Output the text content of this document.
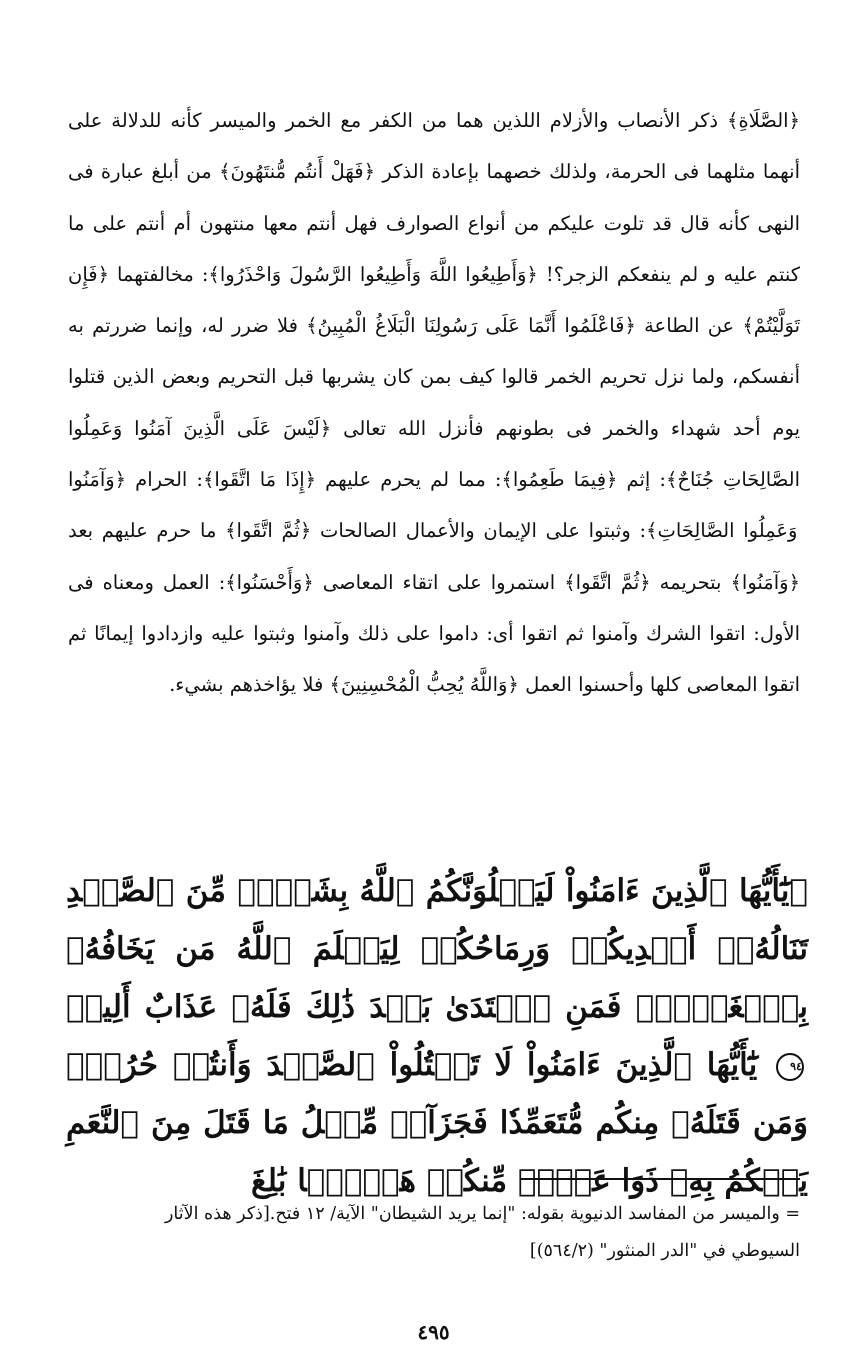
﴿الصَّلَاةِ﴾ ذكر الأنصاب والأزلام اللذين هما من الكفر مع الخمر والميسر كأنه للدلالة على أنهما مثلهما فى الحرمة، ولذلك خصهما بإعادة الذكر ﴿فَهَلْ أَنتُم مُّنتَهُونَ﴾ من أبلغ عبارة فى النهى كأنه قال قد تلوت عليكم من أنواع الصوارف فهل أنتم معها منتهون أم أنتم على ما كنتم عليه و لم ينفعكم الزجر؟! ﴿وَأَطِيعُوا اللَّهَ وَأَطِيعُوا الرَّسُولَ وَاحْذَرُوا﴾: مخالفتهما ﴿فَإِن تَوَلَّيْتُمْ﴾ عن الطاعة ﴿فَاعْلَمُوا أَنَّمَا عَلَى رَسُولِنَا الْبَلَاغُ الْمُبِينُ﴾ فلا ضرر له، وإنما ضررتم به أنفسكم، ولما نزل تحريم الخمر قالوا كيف بمن كان يشربها قبل التحريم وبعض الذين قتلوا يوم أحد شهداء والخمر فى بطونهم فأنزل الله تعالى ﴿لَيْسَ عَلَى الَّذِينَ آمَنُوا وَعَمِلُوا الصَّالِحَاتِ جُنَاحٌ﴾: إثم ﴿فِيمَا طَعِمُوا﴾: مما لم يحرم عليهم ﴿إِذَا مَا اتَّقَوا﴾: الحرام ﴿وَآمَنُوا وَعَمِلُوا الصَّالِحَاتِ﴾: وثبتوا على الإيمان والأعمال الصالحات ﴿ثُمَّ اتَّقَوا﴾ ما حرم عليهم بعد ﴿وَآمَنُوا﴾ بتحريمه ﴿ثُمَّ اتَّقَوا﴾ استمروا على اتقاء المعاصى ﴿وَأَحْسَنُوا﴾: العمل ومعناه فى الأول: اتقوا الشرك وآمنوا ثم اتقوا أى: داموا على ذلك وآمنوا وثبتوا عليه وازدادوا إيمانًا ثم اتقوا المعاصى كلها وأحسنوا العمل ﴿وَاللَّهُ يُحِبُّ الْمُحْسِنِينَ﴾ فلا يؤاخذهم بشيء.
﴿يَٰٓأَيُّهَا ٱلَّذِينَ ءَامَنُواْ لَيَبۡلُوَنَّكُمُ ٱللَّهُ بِشَيۡءٖ مِّنَ ٱلصَّيۡدِ تَنَالُهُۥٓ أَيۡدِيكُمۡ وَرِمَاحُكُمۡ لِيَعۡلَمَ ٱللَّهُ مَن يَخَافُهُۥ بِٱلۡغَيۡبِۚ فَمَنِ ٱعۡتَدَىٰ بَعۡدَ ذَٰلِكَ فَلَهُۥ عَذَابٌ أَلِيمٞ ٩٤ يَٰٓأَيُّهَا ٱلَّذِينَ ءَامَنُواْ لَا تَقۡتُلُواْ ٱلصَّيۡدَ وَأَنتُمۡ حُرُمٞۚ وَمَن قَتَلَهُۥ مِنكُم مُّتَعَمِّدٗا فَجَزَآءٞ مِّثۡلُ مَا قَتَلَ مِنَ ٱلنَّعَمِ يَحۡكُمُ بِهِۦ ذَوَا عَدۡلٖ مِّنكُمۡ هَدۡيَۢا بَٰلِغَ
= والميسر من المفاسد الدنيوية بقوله: "إنما يريد الشيطان" الآية/ ١٢ فتح.[ذكر هذه الآثار
السيوطي في "الدر المنثور" (٥٦٤/٢)]
٤٩٥
